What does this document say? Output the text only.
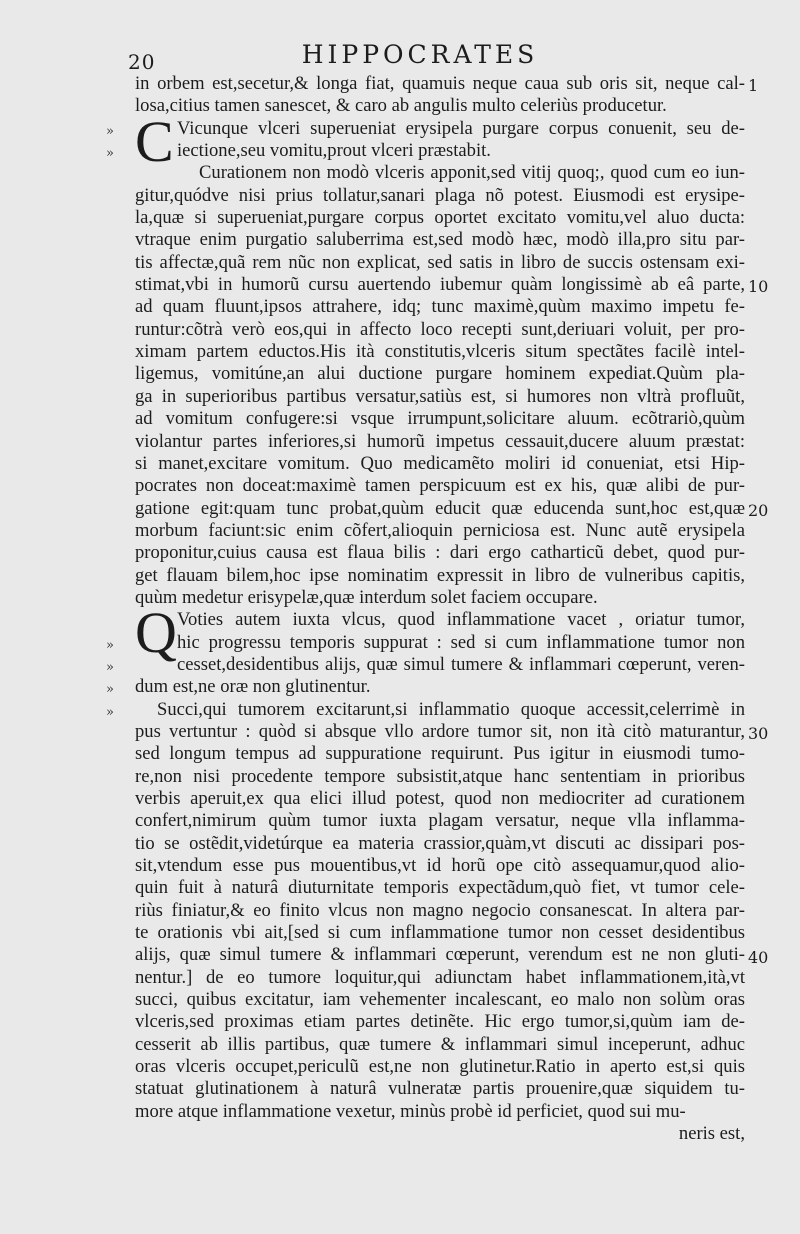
20	HIPPOCRATES
in orbem est,secetur,& longa fiat, quamuis neque caua sub oris sit, neque cal-
losa,citius tamen sanescet, & caro ab angulis multo celeriùs producetur.
C Vicunque vlceri superueniat erysipela purgare corpus conuenit, seu de-
iectione,seu vomitu,prout vlceri præstabit.
Curationem non modò vlceris apponit,sed vitij quoq;, quod cum eo iun-
gitur,quódve nisi prius tollatur,sanari plaga nõ potest. Eiusmodi est erysipe-
la,quæ si superueniat,purgare corpus oportet excitato vomitu,vel aluo ducta:
vtraque enim purgatio saluberrima est,sed modò hæc, modò illa,pro situ par-
tis affectæ,quã rem nũc non explicat, sed satis in libro de succis ostensam exi-
stimat,vbi in humorũ cursu auertendo iubemur quàm longissimè ab eâ parte,
ad quam fluunt,ipsos attrahere, idq; tunc maximè,quùm maximo impetu fe-
runtur:cõtrà verò eos,qui in affecto loco recepti sunt,deriuari voluit, per pro-
ximam partem eductos.His ità constitutis,vlceris situm spectãtes facilè intel-
ligemus, vomitúne,an alui ductione purgare hominem expediat.Quùm pla-
ga in superioribus partibus versatur,satiùs est, si humores non vltrà profluũt,
ad vomitum confugere:si vsque irrumpunt,solicitare aluum. ecõtrariò,quùm
violantur partes inferiores,si humorũ impetus cessauit,ducere aluum præstat:
si manet,excitare vomitum. Quo medicamẽto moliri id conueniat, etsi Hip-
pocrates non doceat:maximè tamen perspicuum est ex his, quæ alibi de pur-
gatione egit:quam tunc probat,quùm educit quæ educenda sunt,hoc est,quæ
morbum faciunt:sic enim cõfert,alioquin perniciosa est. Nunc autẽ erysipela
proponitur,cuius causa est flaua bilis : dari ergo catharticũ debet, quod pur-
get flauam bilem,hoc ipse nominatim expressit in libro de vulneribus capitis,
quùm medetur erisypelæ,quæ interdum solet faciem occupare.
Q Voties autem iuxta vlcus, quod inflammatione vacet , oriatur tumor,
hic progressu temporis suppurat : sed si cum inflammatione tumor non
cesset,desidentibus alijs, quæ simul tumere & inflammari cœperunt, veren-
dum est,ne oræ non glutinentur.
Succi,qui tumorem excitarunt,si inflammatio quoque accessit,celerrimè in
pus vertuntur : quòd si absque vllo ardore tumor sit, non ità citò maturantur,
sed longum tempus ad suppuratione requirunt. Pus igitur in eiusmodi tumo-
re,non nisi procedente tempore subsistit,atque hanc sententiam in prioribus
verbis aperuit,ex qua elici illud potest, quod non mediocriter ad curationem
confert,nimirum quùm tumor iuxta plagam versatur, neque vlla inflamma-
tio se ostẽdit,videtúrque ea materia crassior,quàm,vt discuti ac dissipari pos-
sit,vtendum esse pus mouentibus,vt id horũ ope citò assequamur,quod alio-
quin fuit à naturâ diuturnitate temporis expectãdum,quò fiet, vt tumor cele-
riùs finiatur,& eo finito vlcus non magno negocio consanescat. In altera par-
te orationis vbi ait,[sed si cum inflammatione tumor non cesset desidentibus
alijs, quæ simul tumere & inflammari cœperunt, verendum est ne non gluti-
nentur.] de eo tumore loquitur,qui adiunctam habet inflammationem,ità,vt
succi, quibus excitatur, iam vehementer incalescant, eo malo non solùm oras
vlceris,sed proximas etiam partes detinẽte. Hic ergo tumor,si,quùm iam de-
cesserit ab illis partibus, quæ tumere & inflammari simul inceperunt, adhuc
oras vlceris occupet,periculũ est,ne non glutinetur.Ratio in aperto est,si quis
statuat glutinationem à naturâ vulneratæ partis prouenire,quæ siquidem tu-
more atque inflammatione vexetur, minùs probè id perficiet, quod sui mu-
neris est,
»
»
»
»
»
»
1
10
20
30
40
